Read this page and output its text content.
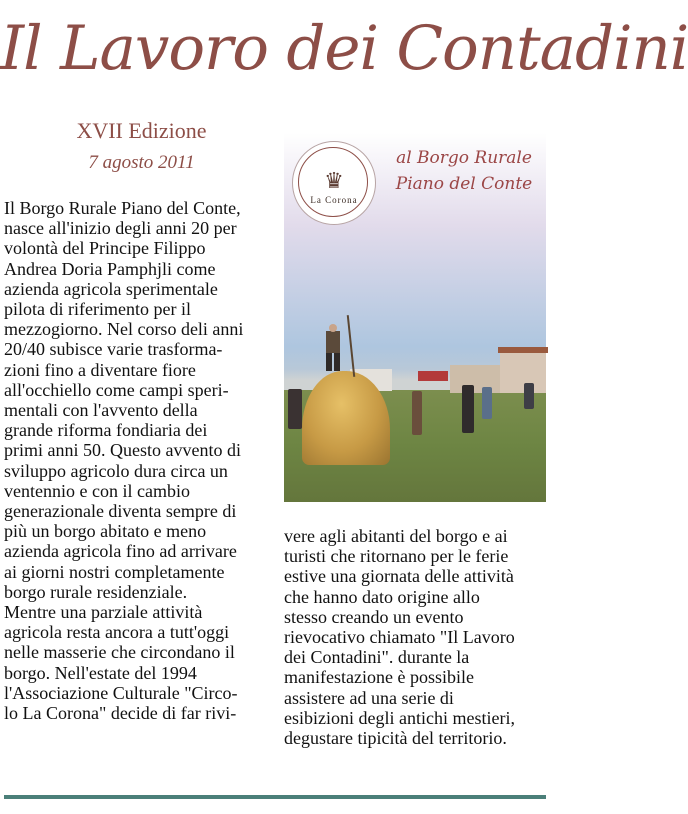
Il Lavoro dei Contadini
XVII Edizione
7 agosto 2011
Il Borgo Rurale Piano del Conte,
nasce all'inizio degli anni 20 per
volontà del Principe Filippo
Andrea Doria Pamphjli come
azienda agricola sperimentale
pilota di riferimento per il
mezzogiorno. Nel corso deli anni
20/40 subisce varie trasforma-
zioni fino a diventare fiore
all'occhiello come campi speri-
mentali con l'avvento della
grande riforma fondiaria dei
primi anni 50. Questo avvento di
sviluppo agricolo dura circa un
ventennio e con il cambio
generazionale diventa sempre di
più un borgo abitato e meno
azienda agricola fino ad arrivare
ai giorni nostri completamente
borgo rurale residenziale.
Mentre una parziale attività
agricola resta ancora a tutt'oggi
nelle masserie che circondano il
borgo. Nell'estate del 1994
l'Associazione Culturale "Circo-
lo La Corona" decide di far rivi-
♛
La Corona
al Borgo Rurale
Piano del Conte
vere agli abitanti del borgo e ai
turisti che ritornano per le ferie
estive una giornata delle attività
che hanno dato origine allo
stesso creando un evento
rievocativo chiamato "Il Lavoro
dei Contadini". durante la
manifestazione è possibile
assistere ad una serie di
esibizioni degli antichi mestieri,
degustare tipicità del territorio.
